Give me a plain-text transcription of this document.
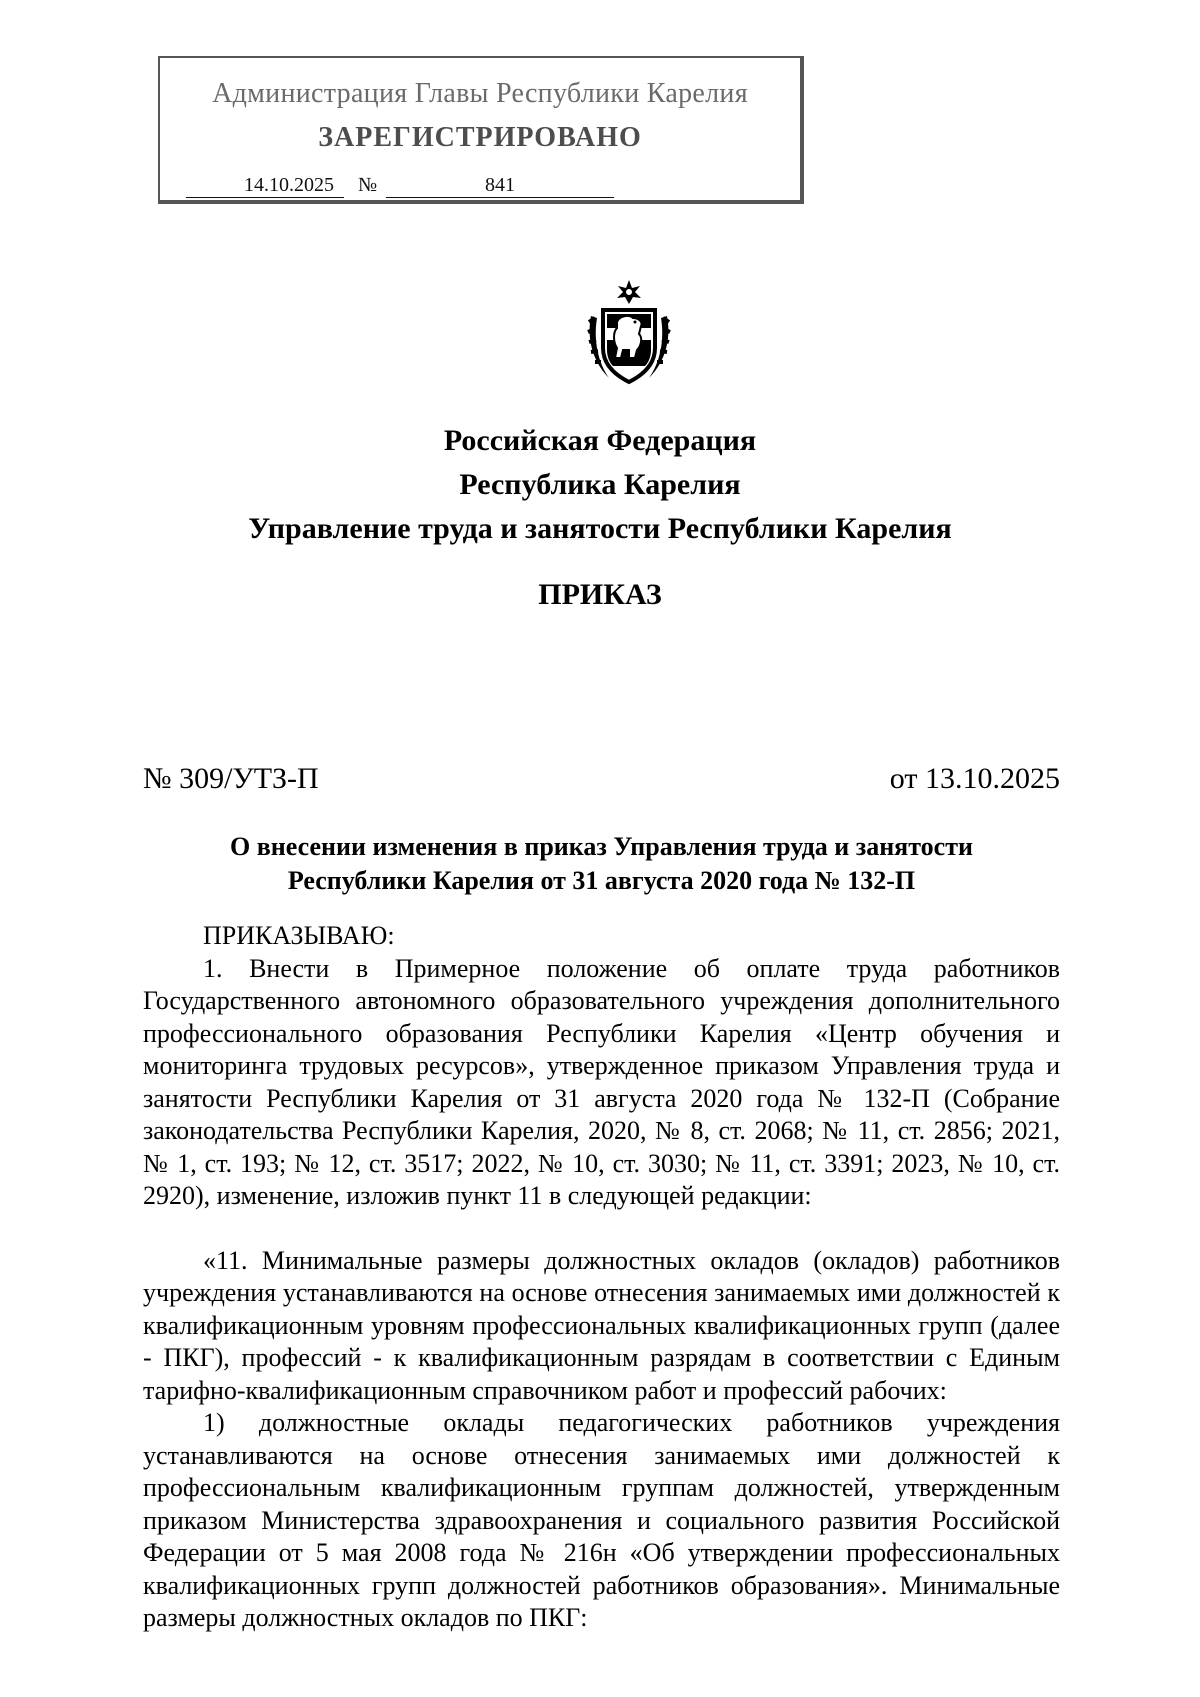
Администрация Главы Республики Карелия
ЗАРЕГИСТРИРОВАНО
14.10.2025	№	841
Российская Федерация
Республика Карелия
Управление труда и занятости Республики Карелия
ПРИКАЗ
№ 309/УТЗ-П	от 13.10.2025
О внесении изменения в приказ Управления труда и занятости
Республики Карелия от 31 августа 2020 года № 132-П

ПРИКАЗЫВАЮ:

1. Внести в Примерное положение об оплате труда работников Государственного автономного образовательного учреждения дополнительного профессионального образования Республики Карелия «Центр обучения и мониторинга трудовых ресурсов», утвержденное приказом Управления труда и занятости Республики Карелия от 31 августа 2020 года № 132-П (Собрание законодательства Республики Карелия, 2020, № 8, ст. 2068; № 11, ст. 2856; 2021, № 1, ст. 193; № 12, ст. 3517; 2022, № 10, ст. 3030; № 11, ст. 3391; 2023, № 10, ст. 2920), изменение, изложив пункт 11 в следующей редакции:

«11. Минимальные размеры должностных окладов (окладов) работников учреждения устанавливаются на основе отнесения занимаемых ими должностей к квалификационным уровням профессиональных квалификационных групп (далее - ПКГ), профессий - к квалификационным разрядам в соответствии с Единым тарифно-квалификационным справочником работ и профессий рабочих:

1) должностные оклады педагогических работников учреждения устанавливаются на основе отнесения занимаемых ими должностей к профессиональным квалификационным группам должностей, утвержденным приказом Министерства здравоохранения и социального развития Российской Федерации от 5 мая 2008 года № 216н «Об утверждении профессиональных квалификационных групп должностей работников образования». Минимальные размеры должностных окладов по ПКГ:
